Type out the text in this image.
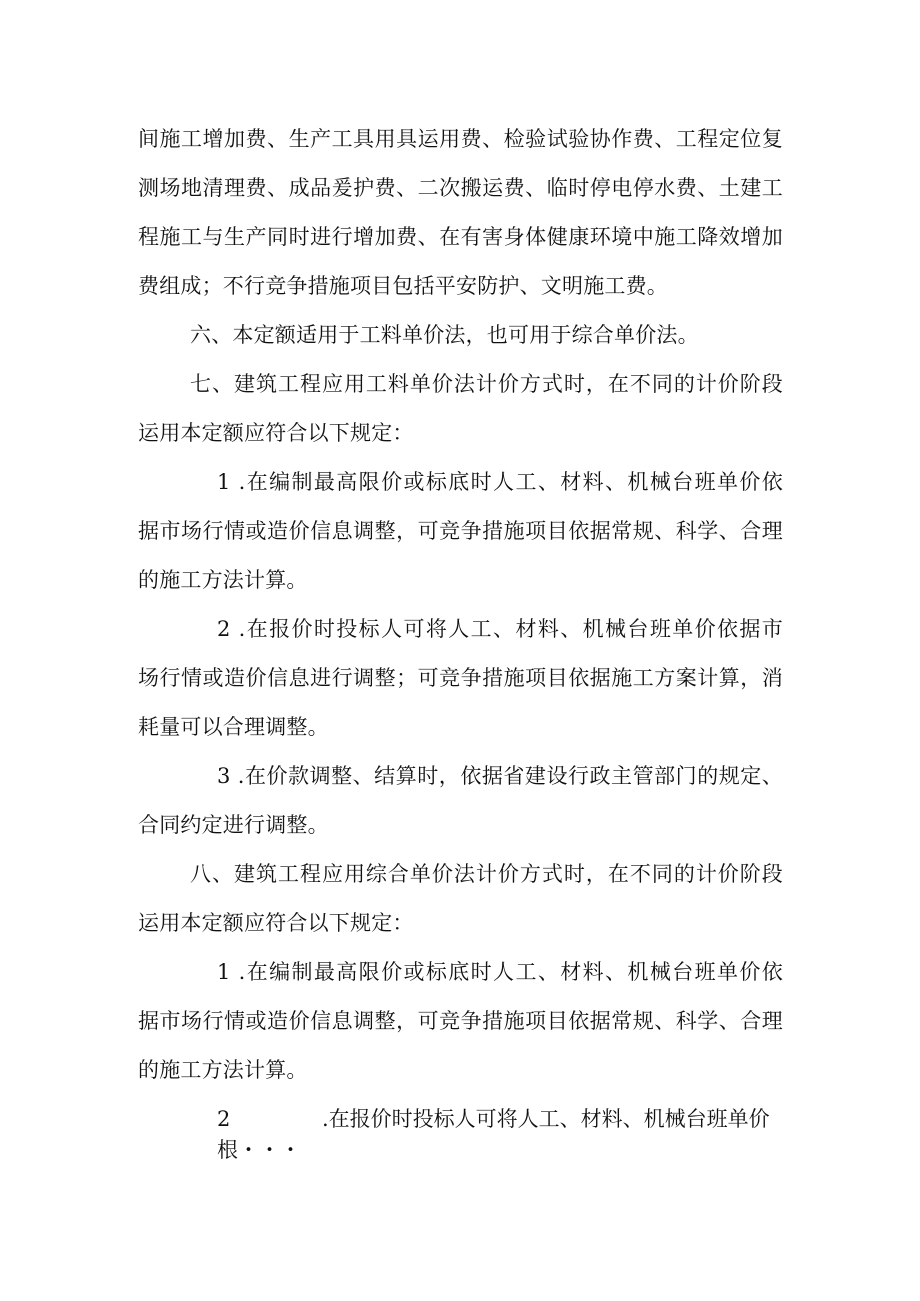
间施工增加费、生产工具用具运用费、检验试验协作费、工程定位复
测场地清理费、成品爰护费、二次搬运费、临时停电停水费、土建工
程施工与生产同时进行增加费、在有害身体健康环境中施工降效增加
费组成；不行竞争措施项目包括平安防护、文明施工费。
六、本定额适用于工料单价法，也可用于综合单价法。
七、建筑工程应用工料单价法计价方式时，在不同的计价阶段
运用本定额应符合以下规定：
1 .在编制最高限价或标底时人工、材料、机械台班单价依
据市场行情或造价信息调整，可竞争措施项目依据常规、科学、合理
的施工方法计算。
2 .在报价时投标人可将人工、材料、机械台班单价依据市
场行情或造价信息进行调整；可竞争措施项目依据施工方案计算，消
耗量可以合理调整。
3 .在价款调整、结算时，依据省建设行政主管部门的规定、
合同约定进行调整。
八、建筑工程应用综合单价法计价方式时，在不同的计价阶段
运用本定额应符合以下规定：
1 .在编制最高限价或标底时人工、材料、机械台班单价依
据市场行情或造价信息调整，可竞争措施项目依据常规、科学、合理
的施工方法计算。
2	.在报价时投标人可将人工、材料、机械台班单价
根・・・
